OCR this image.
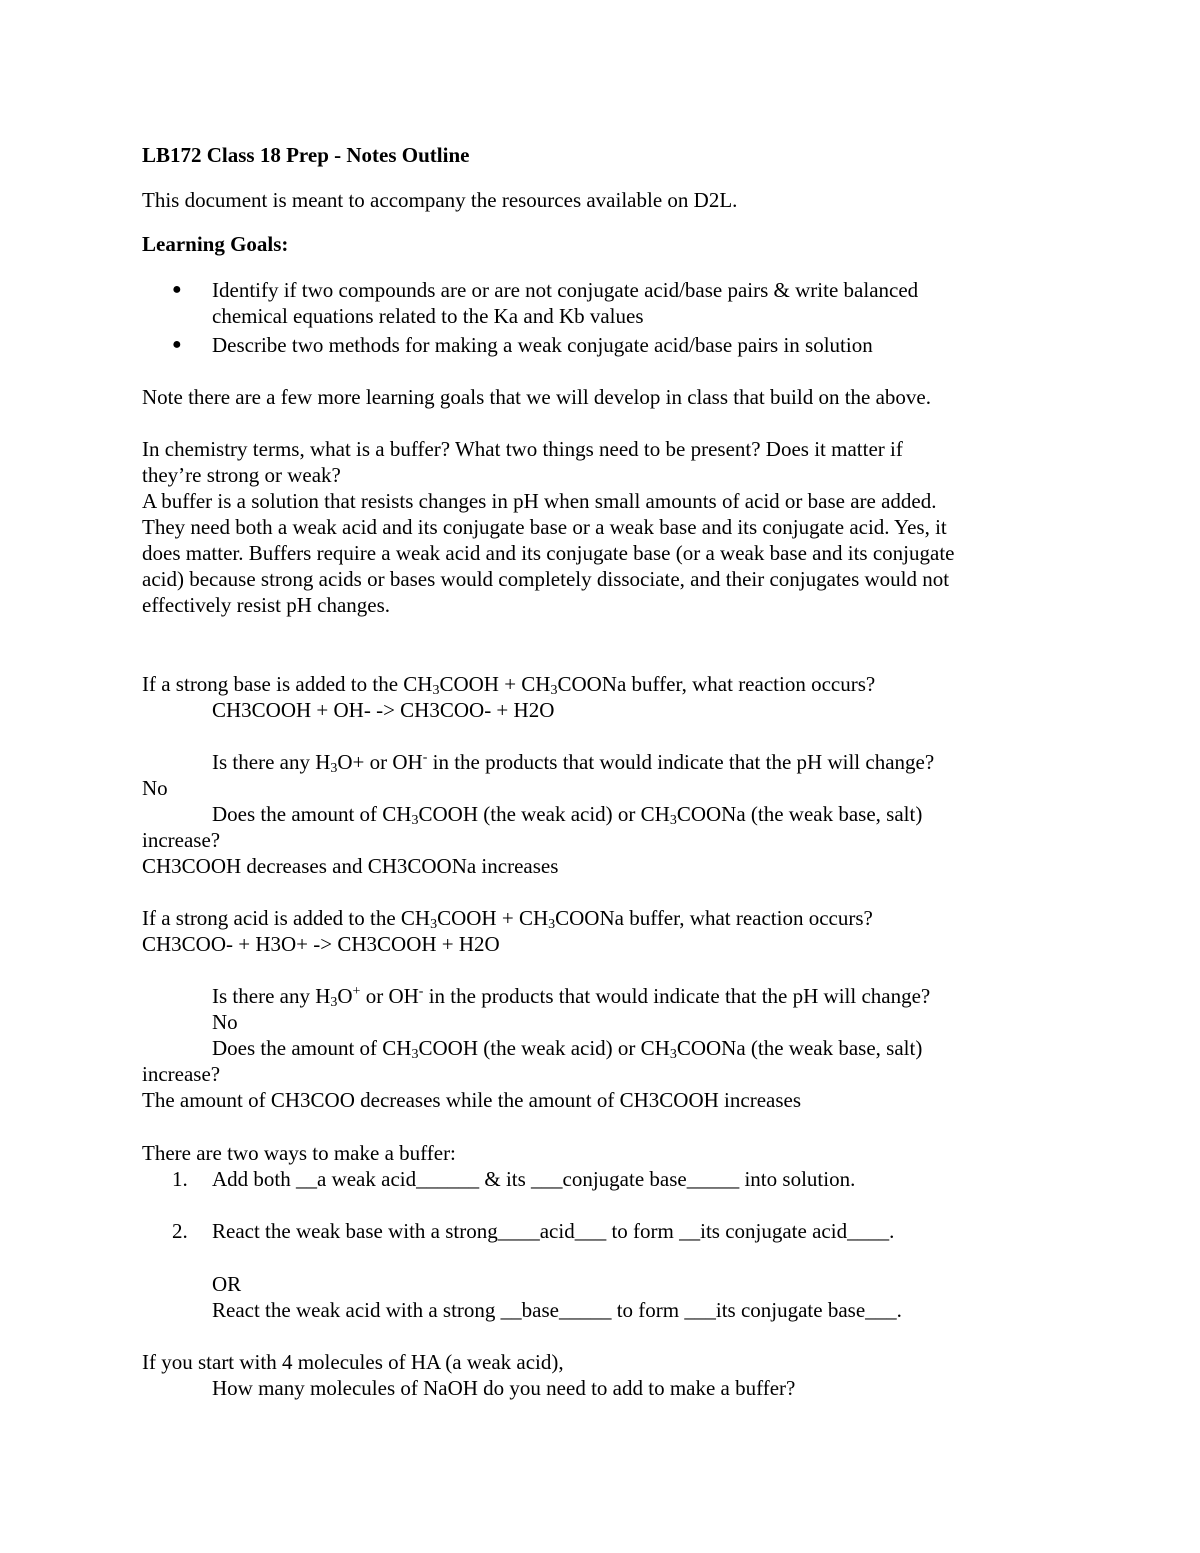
LB172 Class 18 Prep - Notes Outline
This document is meant to accompany the resources available on D2L.
Learning Goals:
● Identify if two compounds are or are not conjugate acid/base pairs & write balanced
chemical equations related to the Ka and Kb values
● Describe two methods for making a weak conjugate acid/base pairs in solution
Note there are a few more learning goals that we will develop in class that build on the above.
In chemistry terms, what is a buffer? What two things need to be present? Does it matter if
they’re strong or weak?
A buffer is a solution that resists changes in pH when small amounts of acid or base are added.
They need both a weak acid and its conjugate base or a weak base and its conjugate acid. Yes, it
does matter. Buffers require a weak acid and its conjugate base (or a weak base and its conjugate
acid) because strong acids or bases would completely dissociate, and their conjugates would not
effectively resist pH changes.
If a strong base is added to the $CH_3COOH$ + $CH_3COONa$ buffer, what reaction occurs?
CH3COOH + OH- -> CH3COO- + H2O
Is there any $H_3O+$ or OH- in the products that would indicate that the pH will change?
No
Does the amount of $CH_3COOH$ (the weak acid) or $CH_3COONa$ (the weak base, salt)
increase?
CH3COOH decreases and CH3COONa increases
If a strong acid is added to the $CH_3COOH$ + $CH_3COONa$ buffer, what reaction occurs?
CH3COO- + H3O+ -> CH3COOH + H2O
Is there any $H_3O^+$ or OH- in the products that would indicate that the pH will change?
No
Does the amount of $CH_3COOH$ (the weak acid) or $CH_3COONa$ (the weak base, salt)
increase?
The amount of CH3COO decreases while the amount of CH3COOH increases
There are two ways to make a buffer:
1. Add both __a weak acid______ & its ___conjugate base_____ into solution.
2. React the weak base with a strong____acid___ to form __its conjugate acid____.
OR
React the weak acid with a strong __base_____ to form ___its conjugate base___.
If you start with 4 molecules of HA (a weak acid),
How many molecules of NaOH do you need to add to make a buffer?
